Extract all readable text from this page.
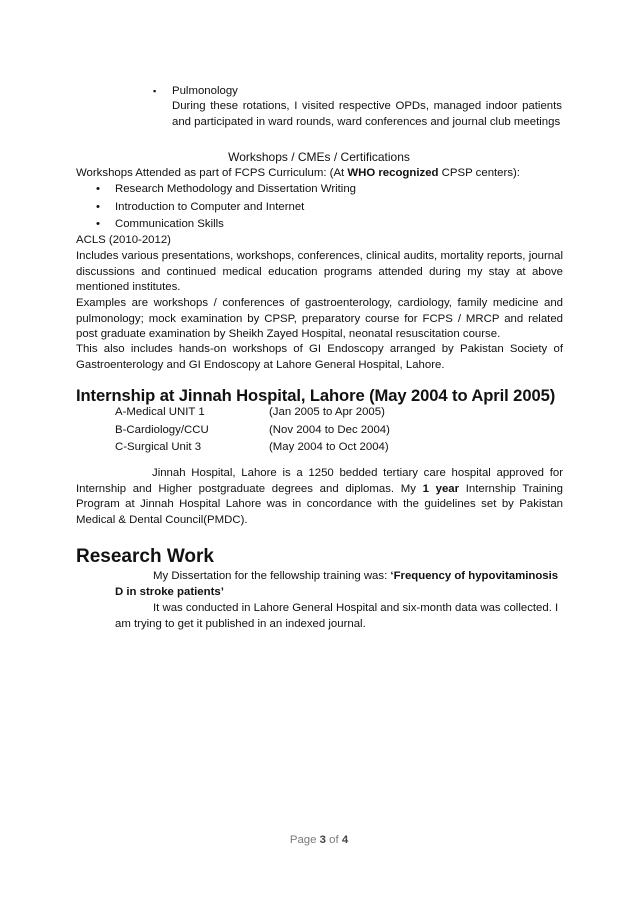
▪	Pulmonology
During these rotations, I visited respective OPDs, managed indoor patients and participated in ward rounds, ward conferences and journal club meetings
Workshops / CMEs / Certifications
Workshops Attended as part of FCPS Curriculum: (At WHO recognized CPSP centers):
•	Research Methodology and Dissertation Writing
•	Introduction to Computer and Internet
•	Communication Skills
ACLS (2010-2012)
Includes various presentations, workshops, conferences, clinical audits, mortality reports, journal discussions and continued medical education programs attended during my stay at above mentioned institutes.
Examples are workshops / conferences of gastroenterology, cardiology, family medicine and pulmonology; mock examination by CPSP, preparatory course for FCPS / MRCP and related post graduate examination by Sheikh Zayed Hospital, neonatal resuscitation course.
This also includes hands-on workshops of GI Endoscopy arranged by Pakistan Society of Gastroenterology and GI Endoscopy at Lahore General Hospital, Lahore.
Internship at Jinnah Hospital, Lahore (May 2004 to April 2005)
A-Medical UNIT 1	(Jan 2005 to Apr 2005)
B-Cardiology/CCU	(Nov 2004 to Dec 2004)
C-Surgical Unit 3	(May 2004 to Oct 2004)
Jinnah Hospital, Lahore is a 1250 bedded tertiary care hospital approved for Internship and Higher postgraduate degrees and diplomas. My 1 year Internship Training Program at Jinnah Hospital Lahore was in concordance with the guidelines set by Pakistan Medical & Dental Council(PMDC).
Research Work
My Dissertation for the fellowship training was: ‘Frequency of hypovitaminosis D in stroke patients’
It was conducted in Lahore General Hospital and six-month data was collected. I am trying to get it published in an indexed journal.
Page 3 of 4
